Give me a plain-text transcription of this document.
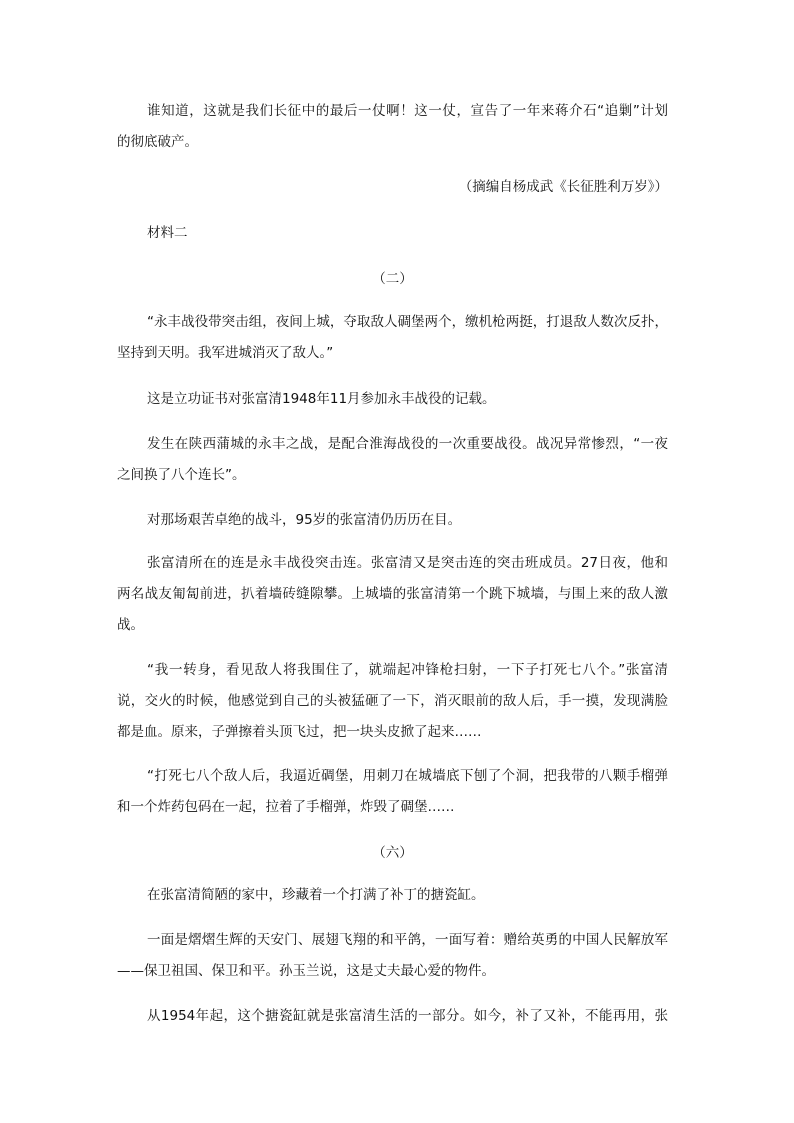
谁知道，这就是我们长征中的最后一仗啊！这一仗，宣告了一年来蒋介石“追剿”计划
的彻底破产。
（摘编自杨成武《长征胜利万岁》）
材料二
（二）
“永丰战役带突击组，夜间上城，夺取敌人碉堡两个，缴机枪两挺，打退敌人数次反扑，
坚持到天明。我军进城消灭了敌人。”
这是立功证书对张富清1948年11月参加永丰战役的记载。
发生在陕西蒲城的永丰之战，是配合淮海战役的一次重要战役。战况异常惨烈，“一夜
之间换了八个连长”。
对那场艰苦卓绝的战斗，95岁的张富清仍历历在目。
张富清所在的连是永丰战役突击连。张富清又是突击连的突击班成员。27日夜，他和
两名战友匍匐前进，扒着墙砖缝隙攀。上城墙的张富清第一个跳下城墙，与围上来的敌人激
战。
“我一转身，看见敌人将我围住了，就端起冲锋枪扫射，一下子打死七八个。”张富清
说，交火的时候，他感觉到自己的头被猛砸了一下，消灭眼前的敌人后，手一摸，发现满脸
都是血。原来，子弹擦着头顶飞过，把一块头皮掀了起来……
“打死七八个敌人后，我逼近碉堡，用刺刀在城墙底下刨了个洞，把我带的八颗手榴弹
和一个炸药包码在一起，拉着了手榴弹，炸毁了碉堡……
（六）
在张富清简陋的家中，珍藏着一个打满了补丁的搪瓷缸。
一面是熠熠生辉的天安门、展翅飞翔的和平鸽，一面写着：赠给英勇的中国人民解放军
——保卫祖国、保卫和平。孙玉兰说，这是丈夫最心爱的物件。
从1954年起，这个搪瓷缸就是张富清生活的一部分。如今，补了又补，不能再用，张
